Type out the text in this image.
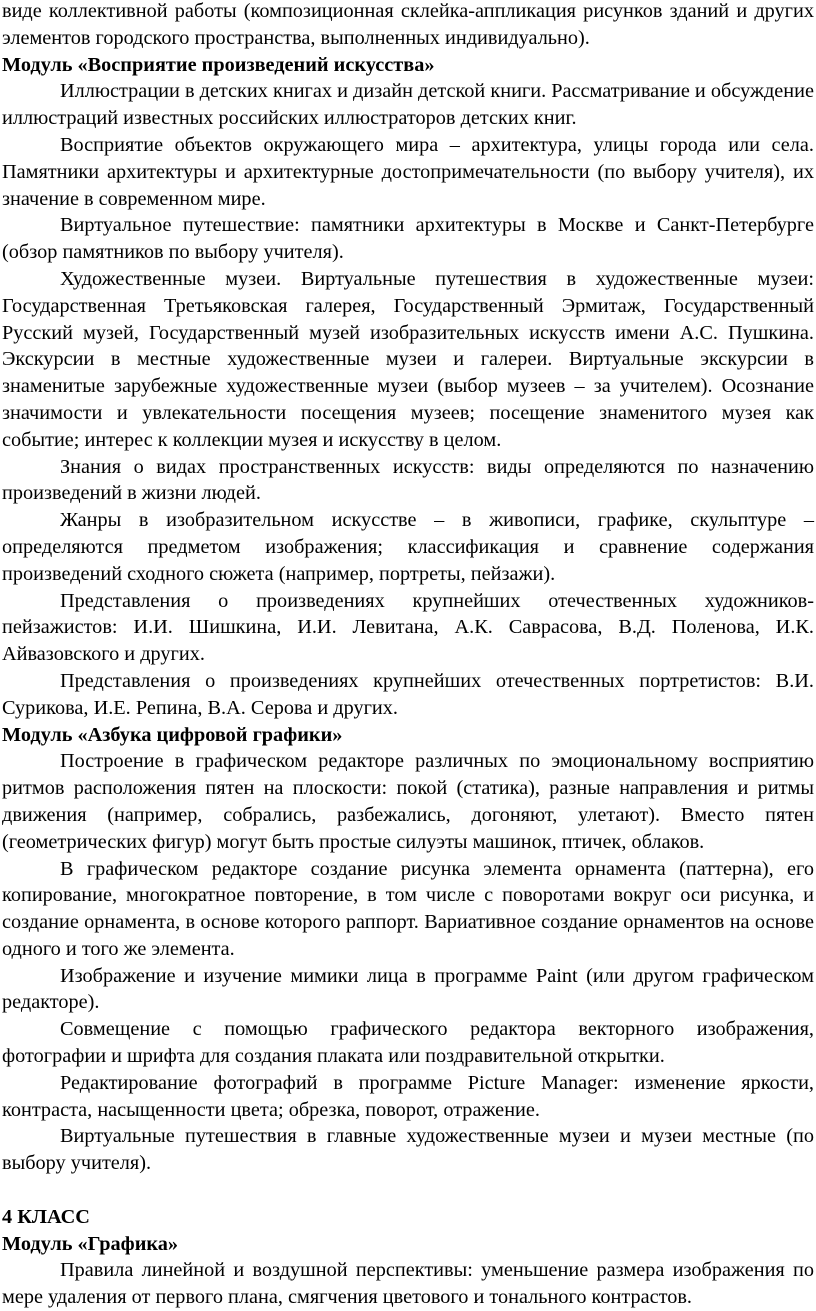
виде коллективной работы (композиционная склейка-аппликация рисунков зданий и других элементов городского пространства, выполненных индивидуально).

Модуль «Восприятие произведений искусства»

Иллюстрации в детских книгах и дизайн детской книги. Рассматривание и обсуждение иллюстраций известных российских иллюстраторов детских книг.

Восприятие объектов окружающего мира – архитектура, улицы города или села. Памятники архитектуры и архитектурные достопримечательности (по выбору учителя), их значение в современном мире.

Виртуальное путешествие: памятники архитектуры в Москве и Санкт-Петербурге (обзор памятников по выбору учителя).

Художественные музеи. Виртуальные путешествия в художественные музеи: Государственная Третьяковская галерея, Государственный Эрмитаж, Государственный Русский музей, Государственный музей изобразительных искусств имени А.С. Пушкина. Экскурсии в местные художественные музеи и галереи. Виртуальные экскурсии в знаменитые зарубежные художественные музеи (выбор музеев – за учителем). Осознание значимости и увлекательности посещения музеев; посещение знаменитого музея как событие; интерес к коллекции музея и искусству в целом.

Знания о видах пространственных искусств: виды определяются по назначению произведений в жизни людей.

Жанры в изобразительном искусстве – в живописи, графике, скульптуре – определяются предметом изображения; классификация и сравнение содержания произведений сходного сюжета (например, портреты, пейзажи).

Представления о произведениях крупнейших отечественных художников-пейзажистов: И.И. Шишкина, И.И. Левитана, А.К. Саврасова, В.Д. Поленова, И.К. Айвазовского и других.

Представления о произведениях крупнейших отечественных портретистов: В.И. Сурикова, И.Е. Репина, В.А. Серова и других.

Модуль «Азбука цифровой графики»

Построение в графическом редакторе различных по эмоциональному восприятию ритмов расположения пятен на плоскости: покой (статика), разные направления и ритмы движения (например, собрались, разбежались, догоняют, улетают). Вместо пятен (геометрических фигур) могут быть простые силуэты машинок, птичек, облаков.

В графическом редакторе создание рисунка элемента орнамента (паттерна), его копирование, многократное повторение, в том числе с поворотами вокруг оси рисунка, и создание орнамента, в основе которого раппорт. Вариативное создание орнаментов на основе одного и того же элемента.

Изображение и изучение мимики лица в программе Paint (или другом графическом редакторе).

Совмещение с помощью графического редактора векторного изображения, фотографии и шрифта для создания плаката или поздравительной открытки.

Редактирование фотографий в программе Picture Manager: изменение яркости, контраста, насыщенности цвета; обрезка, поворот, отражение.

Виртуальные путешествия в главные художественные музеи и музеи местные (по выбору учителя).

4 КЛАСС
Модуль «Графика»

Правила линейной и воздушной перспективы: уменьшение размера изображения по мере удаления от первого плана, смягчения цветового и тонального контрастов.
